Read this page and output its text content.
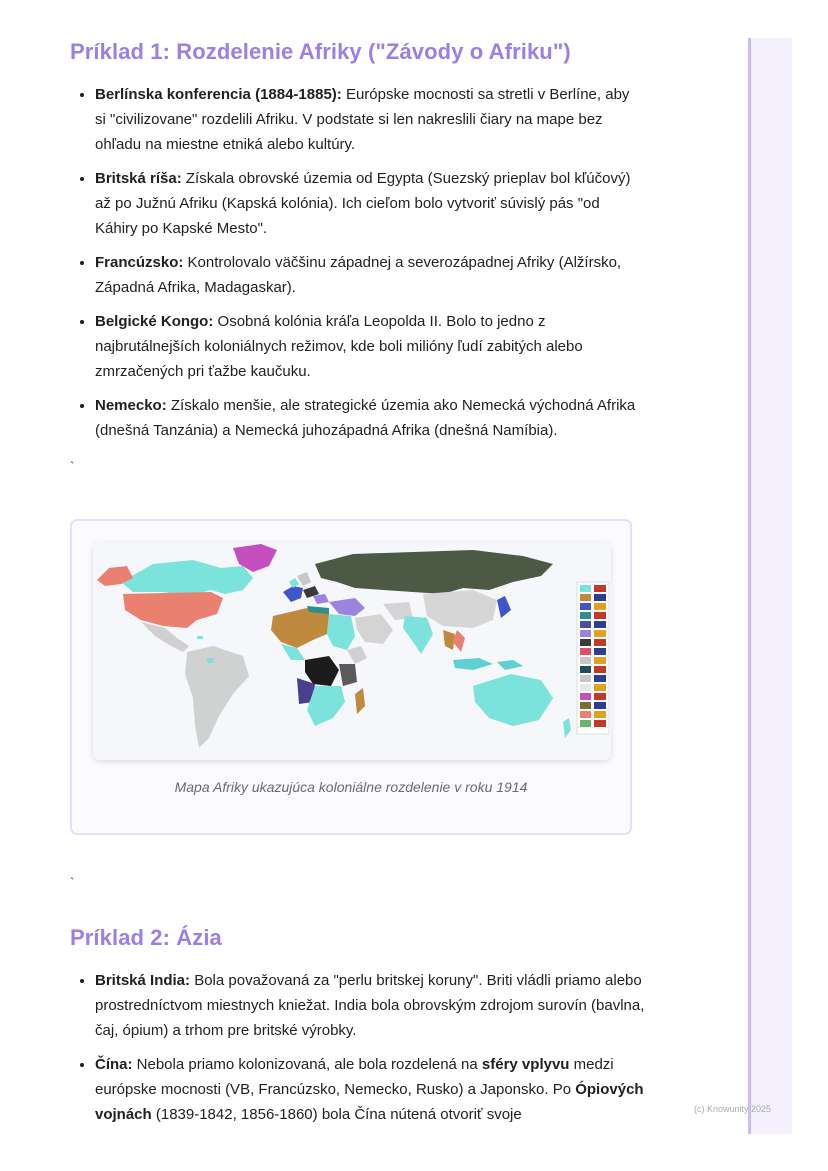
Príklad 1: Rozdelenie Afriky ("Závody o Afriku")
• Berlínska konferencia (1884-1885): Európske mocnosti sa stretli v Berlíne, aby si "civilizovane" rozdelili Afriku. V podstate si len nakreslili čiary na mape bez ohľadu na miestne etniká alebo kultúry.
• Britská ríša: Získala obrovské územia od Egypta (Suezský prieplav bol kľúčový) až po Južnú Afriku (Kapská kolónia). Ich cieľom bolo vytvoriť súvislý pás "od Káhiry po Kapské Mesto".
• Francúzsko: Kontrolovalo väčšinu západnej a severozápadnej Afriky (Alžírsko, Západná Afrika, Madagaskar).
• Belgické Kongo: Osobná kolónia kráľa Leopolda II. Bolo to jedno z najbrutálnejších koloniálnych režimov, kde boli milióny ľudí zabitých alebo zmrzačených pri ťažbe kaučuku.
• Nemecko: Získalo menšie, ale strategické územia ako Nemecká východná Afrika (dnešná Tanzánia) a Nemecká juhozápadná Afrika (dnešná Namíbia).

`

Mapa Afriky ukazujúca koloniálne rozdelenie v roku 1914

`

Príklad 2: Ázia
• Britská India: Bola považovaná za "perlu britskej koruny". Briti vládli priamo alebo prostredníctvom miestnych kniežat. India bola obrovským zdrojom surovín (bavlna, čaj, ópium) a trhom pre britské výrobky.
• Čína: Nebola priamo kolonizovaná, ale bola rozdelená na sféry vplyvu medzi európske mocnosti (VB, Francúzsko, Nemecko, Rusko) a Japonsko. Po Ópiových vojnách (1839-1842, 1856-1860) bola Čína nútená otvoriť svoje	(c) Knowunity 2025
